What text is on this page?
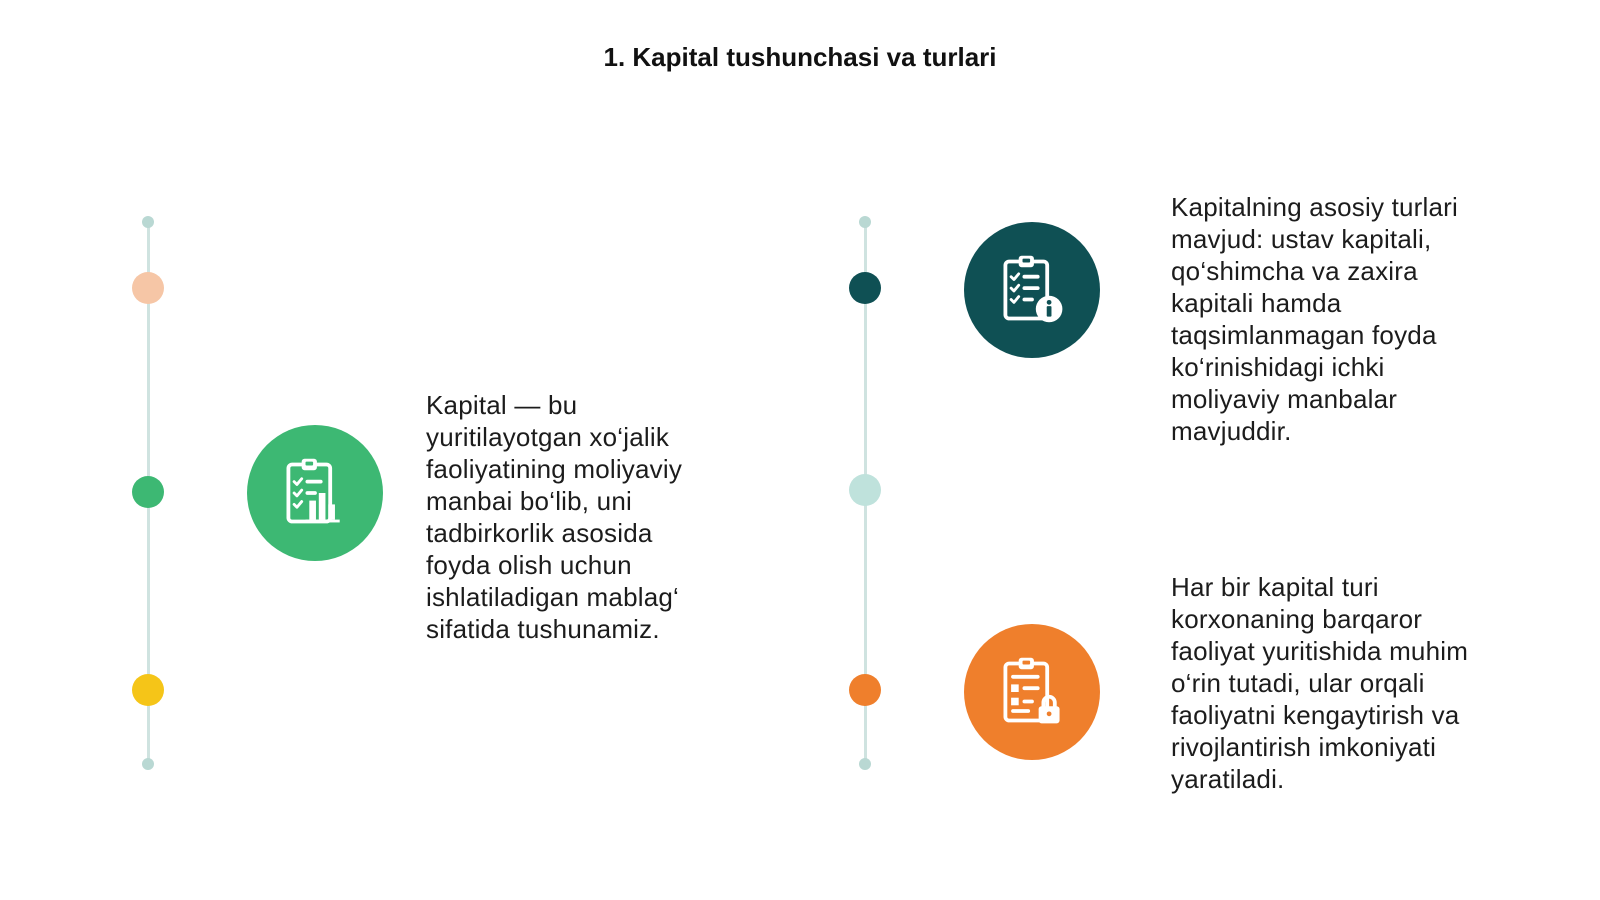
1. Kapital tushunchasi va turlari
Kapital — bu
yuritilayotgan xo‘jalik
faoliyatining moliyaviy
manbai bo‘lib, uni
tadbirkorlik asosida
foyda olish uchun
ishlatiladigan mablag‘
sifatida tushunamiz.
Kapitalning asosiy turlari
mavjud: ustav kapitali,
qo‘shimcha va zaxira
kapitali hamda
taqsimlanmagan foyda
ko‘rinishidagi ichki
moliyaviy manbalar
mavjuddir.
Har bir kapital turi
korxonaning barqaror
faoliyat yuritishida muhim
o‘rin tutadi, ular orqali
faoliyatni kengaytirish va
rivojlantirish imkoniyati
yaratiladi.
